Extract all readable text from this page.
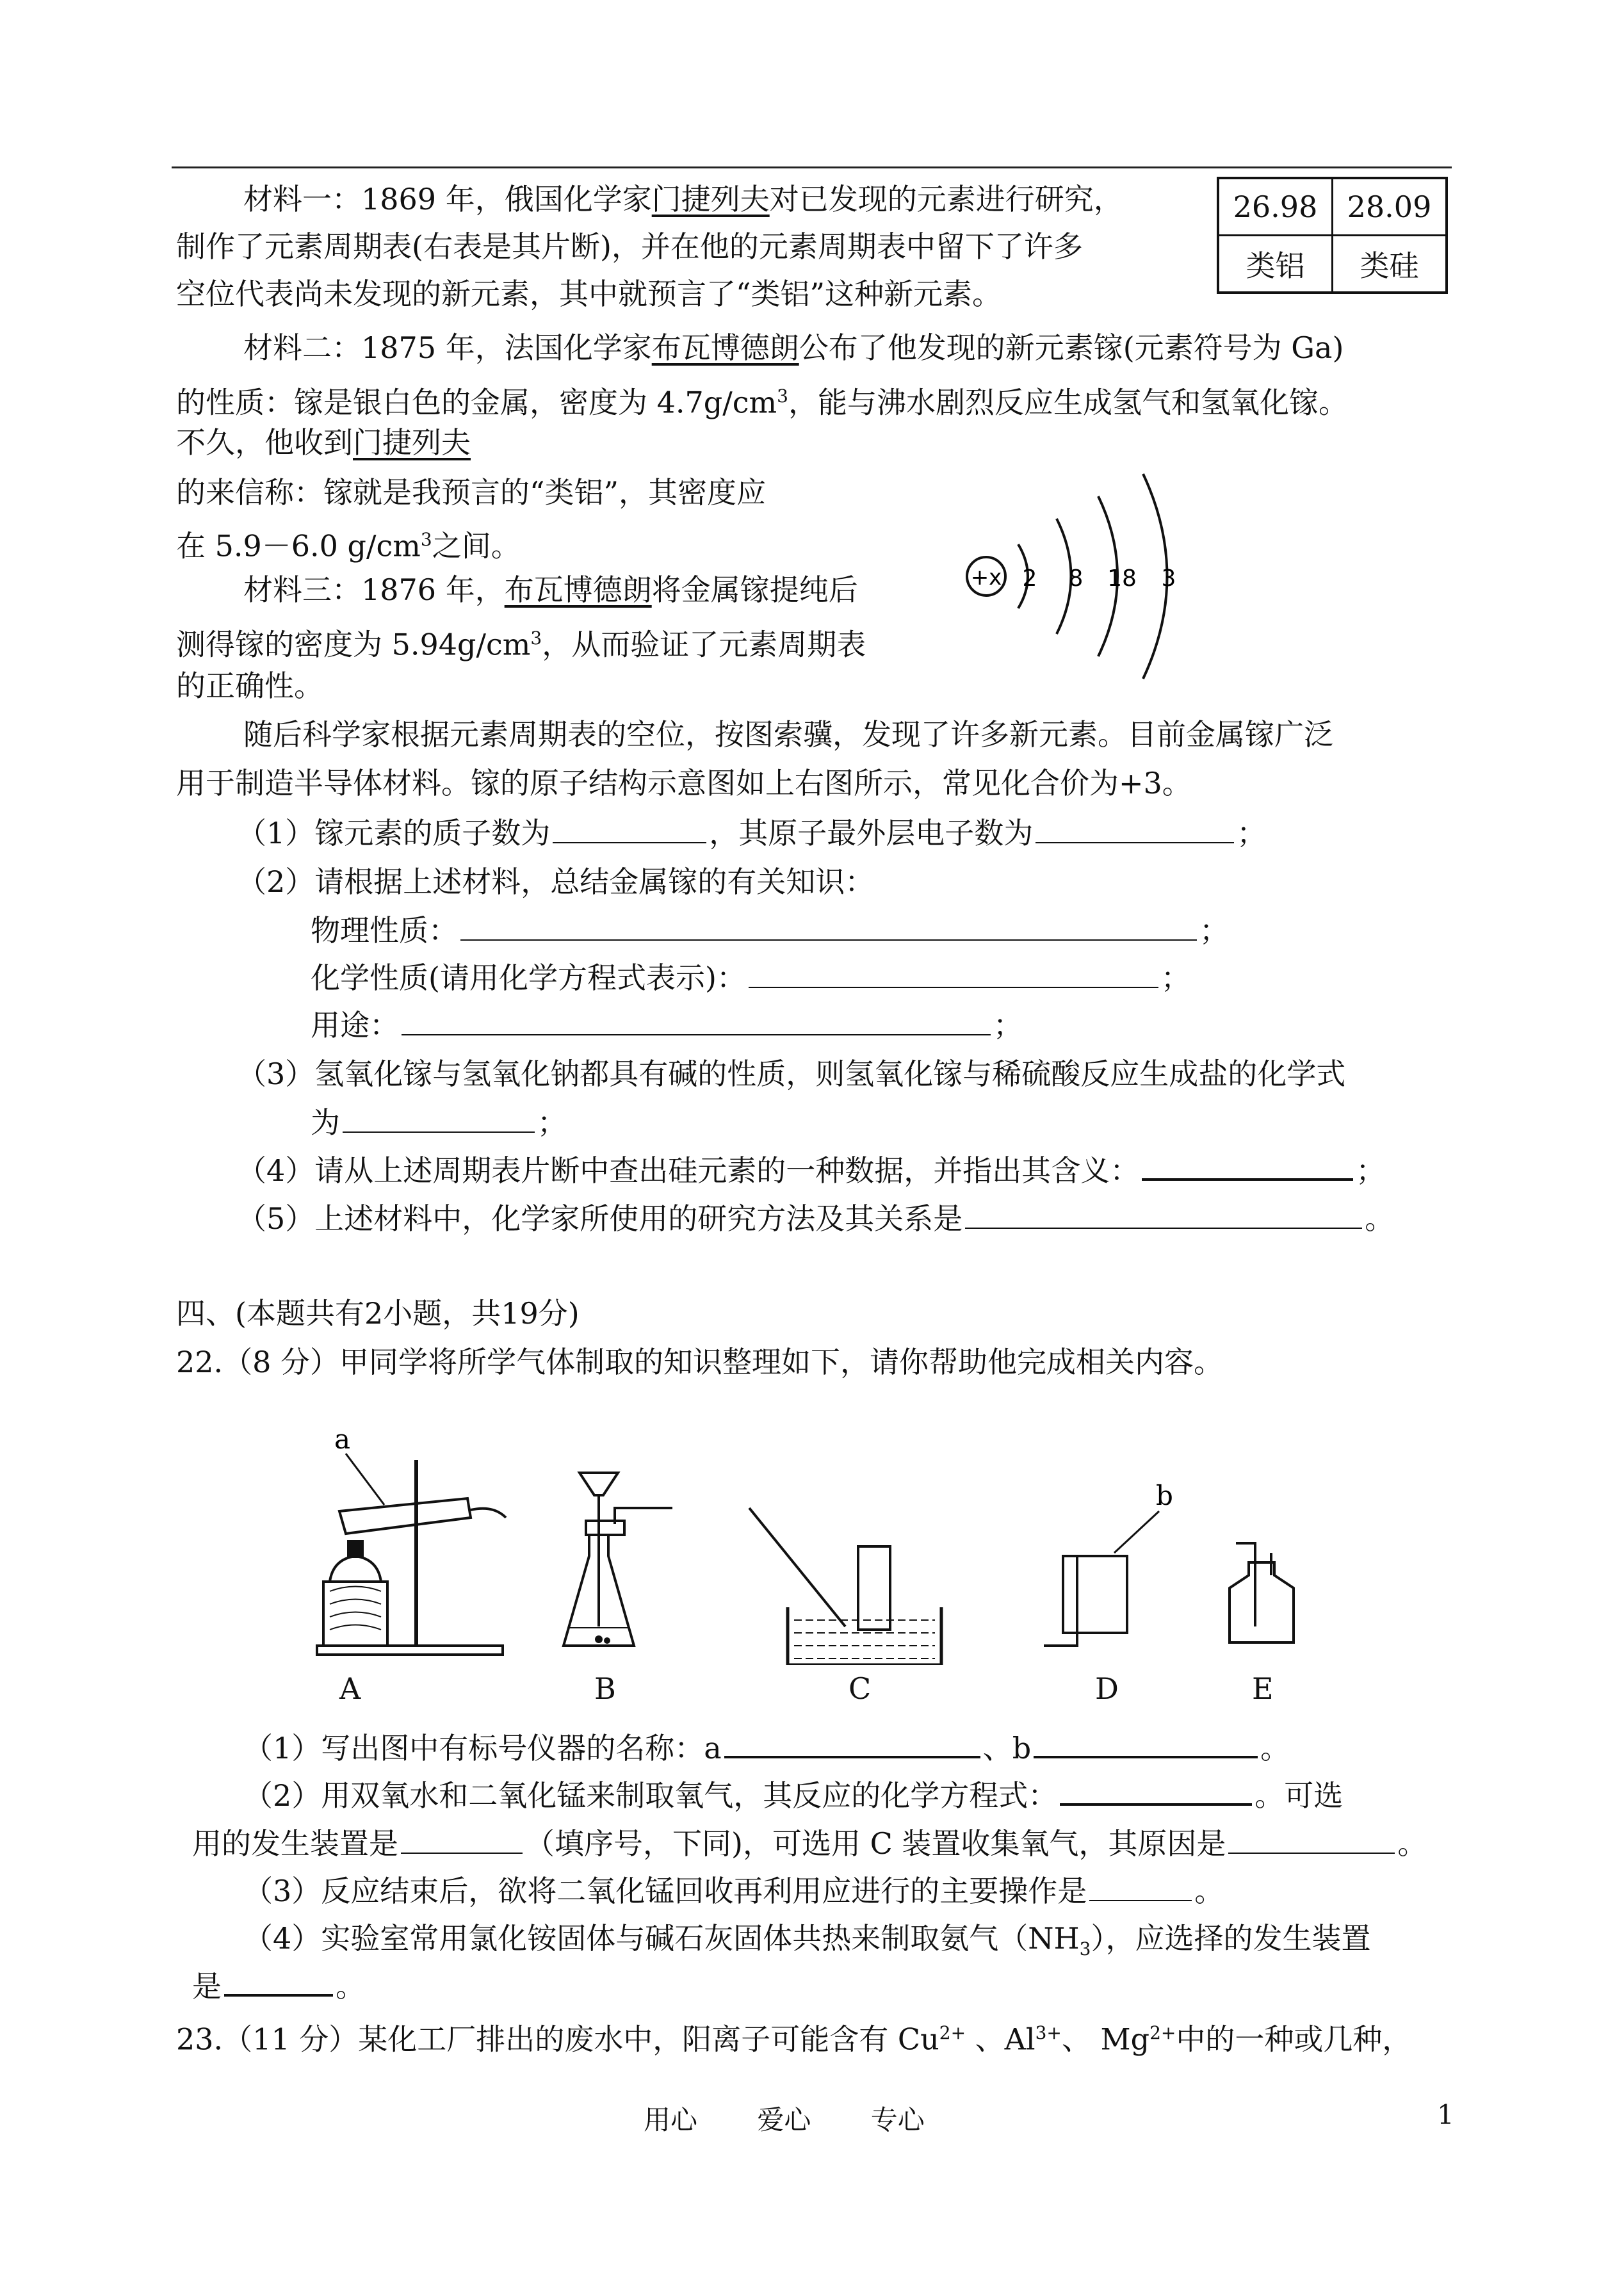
26.98	28.09
类铝	类硅
材料一：1869 年，俄国化学家门捷列夫对已发现的元素进行研究，
制作了元素周期表(右表是其片断)，并在他的元素周期表中留下了许多
空位代表尚未发现的新元素，其中就预言了“类铝”这种新元素。
材料二：1875 年，法国化学家布瓦博德朗公布了他发现的新元素镓(元素符号为 Ga)
的性质：镓是银白色的金属，密度为 $4.7g/cm^3$，能与沸水剧烈反应生成氢气和氢氧化镓。
不久，他收到门捷列夫
的来信称：镓就是我预言的“类铝”，其密度应
在 5.9－6.0 $g/cm^3$之间。
+x 2 8 18 3
材料三：1876 年，布瓦博德朗将金属镓提纯后
测得镓的密度为 $5.94g/cm^3$，从而验证了元素周期表
的正确性。
随后科学家根据元素周期表的空位，按图索骥，发现了许多新元素。目前金属镓广泛
用于制造半导体材料。镓的原子结构示意图如上右图所示，常见化合价为+3。
（1）镓元素的质子数为	，其原子最外层电子数为	；
（2）请根据上述材料，总结金属镓的有关知识：
物理性质：	；
化学性质(请用化学方程式表示)：	；
用途：	；
（3）氢氧化镓与氢氧化钠都具有碱的性质，则氢氧化镓与稀硫酸反应生成盐的化学式
为	；
（4）请从上述周期表片断中查出硅元素的一种数据，并指出其含义：	；
（5）上述材料中，化学家所使用的研究方法及其关系是	。
四、(本题共有2小题，共19分)
22.（8 分）甲同学将所学气体制取的知识整理如下，请你帮助他完成相关内容。
a
A	B	C
b
D	E
（1）写出图中有标号仪器的名称：a	、b	。
（2）用双氧水和二氧化锰来制取氧气，其反应的化学方程式：	。可选
用的发生装置是	（填序号，下同)，可选用 C 装置收集氧气，其原因是	。
（3）反应结束后，欲将二氧化锰回收再利用应进行的主要操作是	。
（4）实验室常用氯化铵固体与碱石灰固体共热来制取氨气$(NH_3)$，应选择的发生装置
是	。
23.（11 分）某化工厂排出的废水中，阳离子可能含有 $Cu^{2+}$ 、$Al^{3+}$、 $Mg^{2+}$中的一种或几种，
用心 爱心 专心	1
